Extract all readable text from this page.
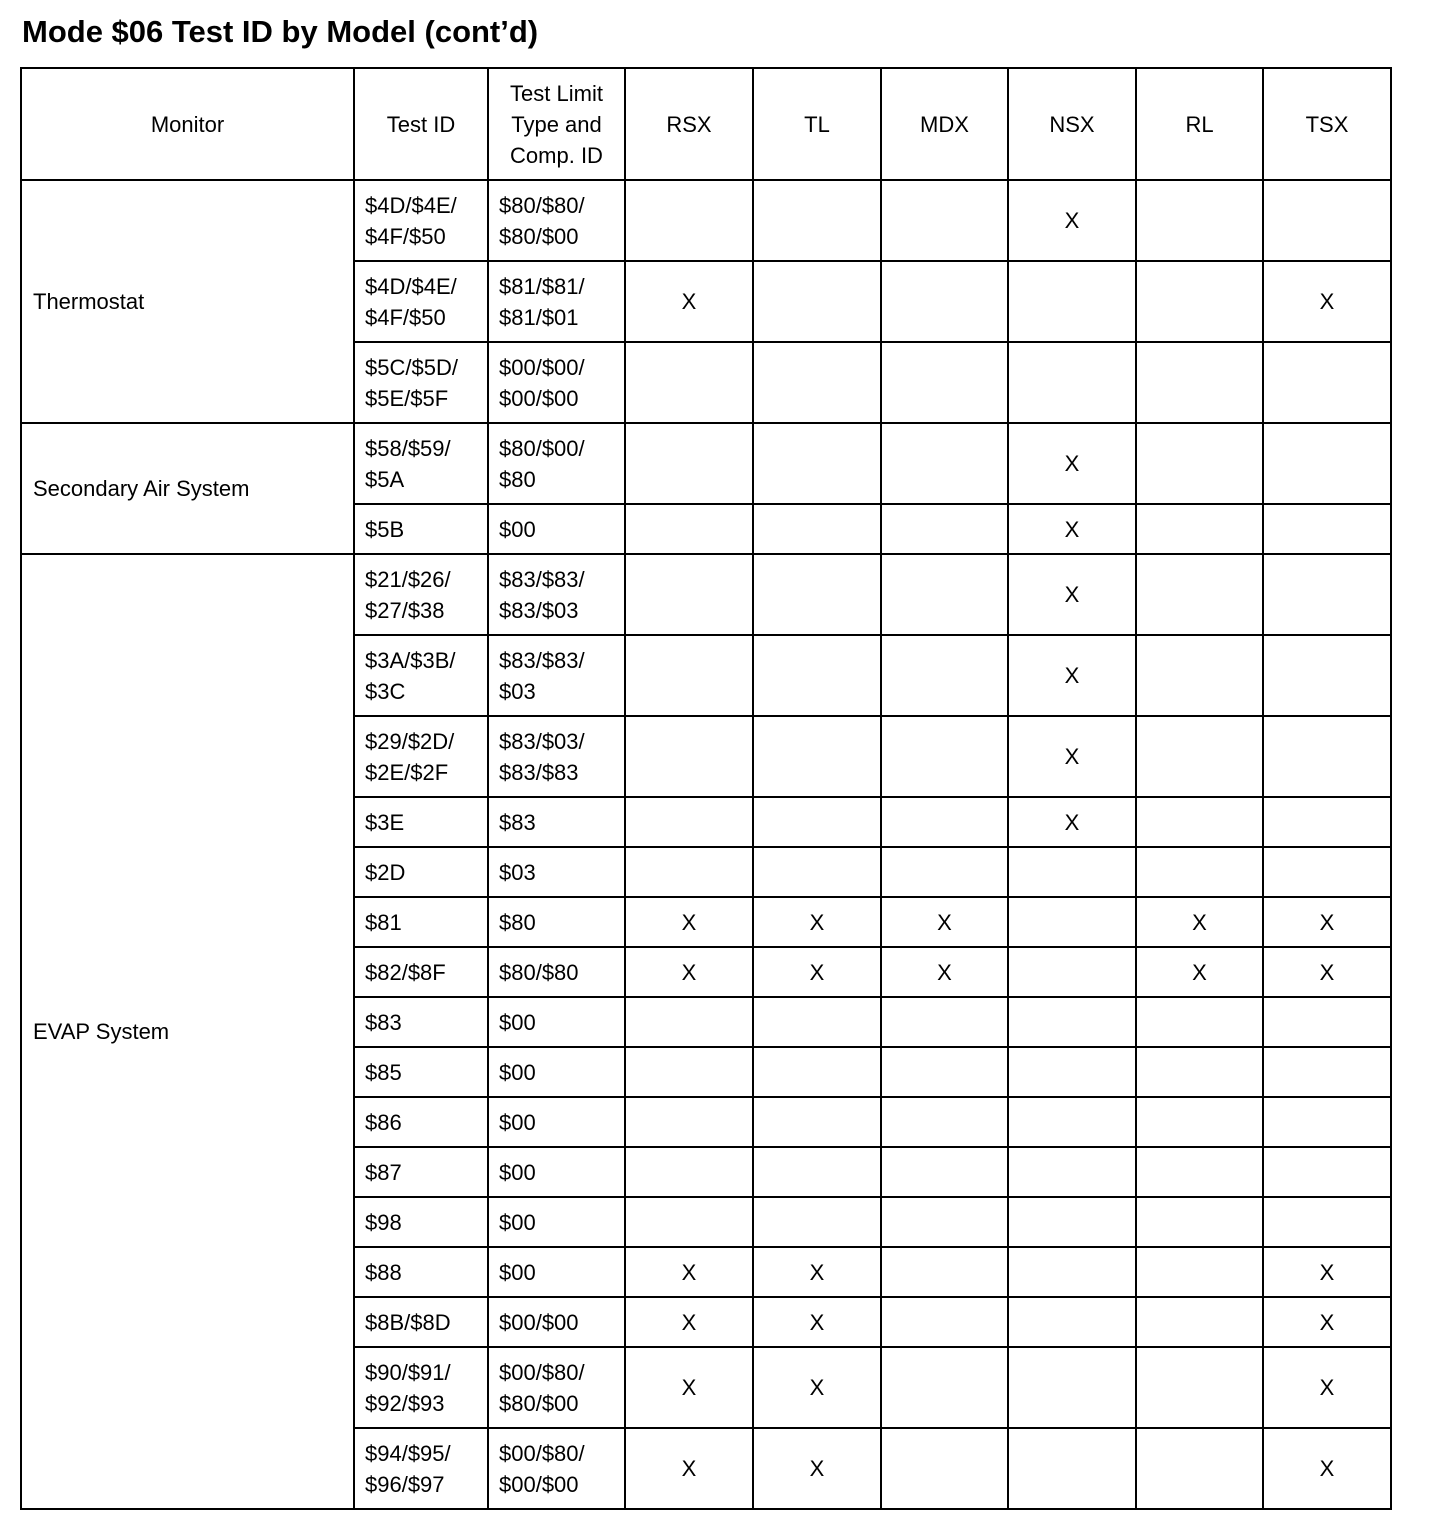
Mode $06 Test ID by Model (cont’d)
Monitor	Test ID	Test Limit
Type and
Comp. ID	RSX	TL	MDX	NSX	RL	TSX
Thermostat	$4D/$4E/
$4F/$50	$80/$80/
$80/$00				X		

	$4D/$4E/
$4F/$50	$81/$81/
$81/$01	X					X

	$5C/$5D/
$5E/$5F	$00/$00/
$00/$00						

Secondary Air System	$58/$59/
$5A	$80/$00/
$80				X		

	$5B	$00				X		
EVAP System	$21/$26/
$27/$38	$83/$83/
$83/$03				X		

	$3A/$3B/
$3C	$83/$83/
$03				X		

	$29/$2D/
$2E/$2F	$83/$03/
$83/$83				X		

	$3E	$83				X		

	$2D	$03						

	$81	$80	X	X	X		X	X

	$82/$8F	$80/$80	X	X	X		X	X

	$83	$00						

	$85	$00						

	$86	$00						

	$87	$00						

	$98	$00						

	$88	$00	X	X				X

	$8B/$8D	$00/$00	X	X				X

	$90/$91/
$92/$93	$00/$80/
$80/$00	X	X				X

	$94/$95/
$96/$97	$00/$80/
$00/$00	X	X				X
